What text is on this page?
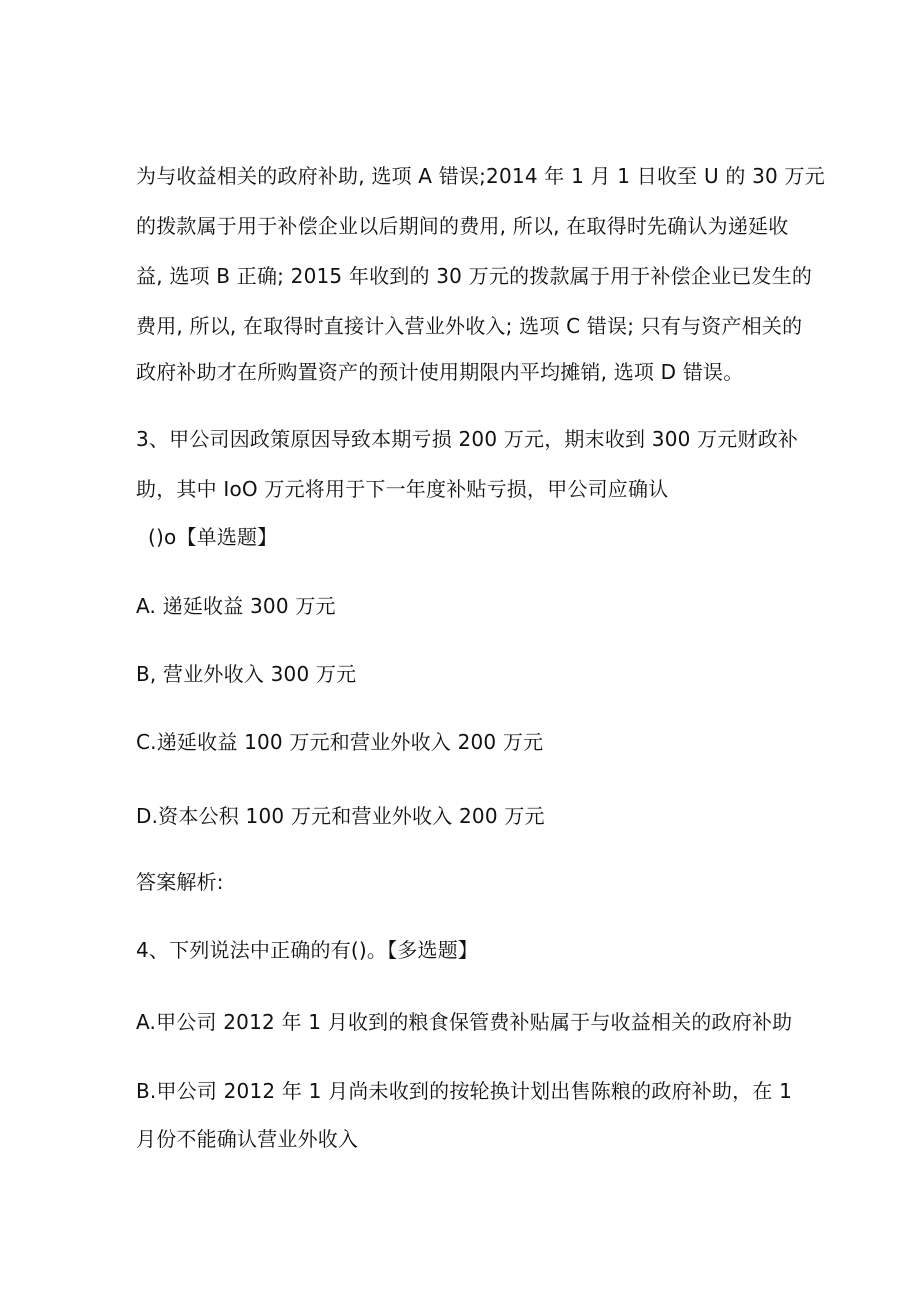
为与收益相关的政府补助, 选项 A 错误;2014 年 1 月 1 日收至 U 的 30 万元
的拨款属于用于补偿企业以后期间的费用, 所以, 在取得时先确认为递延收
益, 选项 B 正确; 2015 年收到的 30 万元的拨款属于用于补偿企业已发生的
费用, 所以, 在取得时直接计入营业外收入; 选项 C 错误; 只有与资产相关的
政府补助才在所购置资产的预计使用期限内平均摊销, 选项 D 错误。
3、甲公司因政策原因导致本期亏损 200 万元，期末收到 300 万元财政补
助，其中 IoO 万元将用于下一年度补贴亏损，甲公司应确认
()o【单选题】
A. 递延收益 300 万元
B, 营业外收入 300 万元
C.递延收益 100 万元和营业外收入 200 万元
D.资本公积 100 万元和营业外收入 200 万元
答案解析:
4、下列说法中正确的有()。【多选题】
A.甲公司 2012 年 1 月收到的粮食保管费补贴属于与收益相关的政府补助
B.甲公司 2012 年 1 月尚未收到的按轮换计划出售陈粮的政府补助，在 1
月份不能确认营业外收入
